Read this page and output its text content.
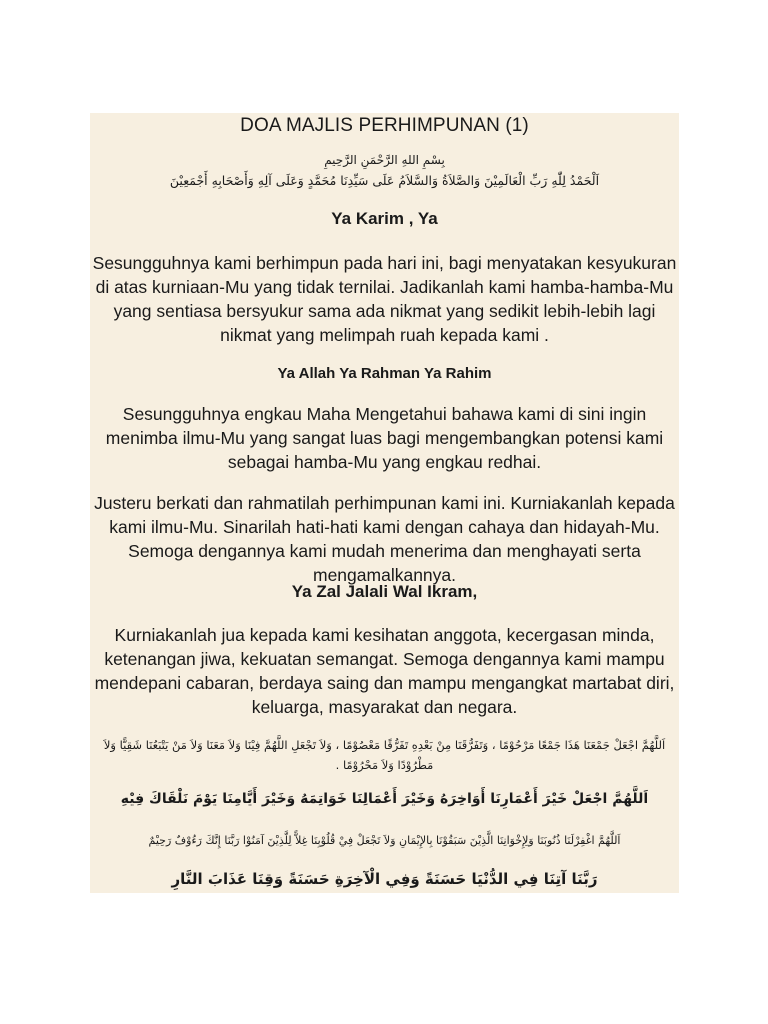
DOA MAJLIS PERHIMPUNAN (1)
بِسْمِ اللهِ الرَّحْمَنِ الرَّحِيمِ
اَلْحَمْدُ لِلّٰهِ رَبِّ الْعَالَمِيْنَ وَالصَّلاَةُ وَالسَّلاَمُ عَلَى سَيِّدِنَا مُحَمَّدٍ وَعَلَى آلِهِ وَأَصْحَابِهِ أَجْمَعِيْنَ
Ya Karim , Ya
Sesungguhnya kami berhimpun pada hari ini, bagi menyatakan kesyukuran di atas kurniaan-Mu yang tidak ternilai. Jadikanlah kami hamba-hamba-Mu yang sentiasa bersyukur sama ada nikmat yang sedikit lebih-lebih lagi nikmat yang melimpah ruah kepada kami .
Ya Allah Ya Rahman Ya Rahim
Sesungguhnya engkau Maha Mengetahui bahawa kami di sini ingin menimba ilmu-Mu yang sangat luas bagi mengembangkan potensi kami sebagai hamba-Mu yang engkau redhai.
Justeru berkati dan rahmatilah perhimpunan kami ini. Kurniakanlah kepada kami ilmu-Mu. Sinarilah hati-hati kami dengan cahaya dan hidayah-Mu. Semoga dengannya kami mudah menerima dan menghayati serta mengamalkannya.
Ya Zal Jalali Wal Ikram,
Kurniakanlah jua kepada kami kesihatan anggota, kecergasan minda, ketenangan jiwa, kekuatan semangat. Semoga dengannya kami mampu mendepani cabaran, berdaya saing dan mampu mengangkat martabat diri, keluarga, masyarakat dan negara.
اَللَّهُمَّ اجْعَلْ جَمْعَنَا هَذَا جَمْعًا مَرْحُوْمًا ، وَتَفَرُّقَنَا مِنْ بَعْدِهِ تَفَرُّقًا مَعْصُوْمًا ، وَلاَ تَجْعَلِ اللَّهُمَّ فِيْنَا وَلاَ مَعَنَا وَلاَ مَنْ يَتْبَعُنَا شَقِيًّا وَلاَ مَطْرُوْدًا وَلاَ مَحْرُوْمًا .
اَللَّهُمَّ اجْعَلْ خَيْرَ أَعْمَارِنَا أَوَاخِرَهُ وَخَيْرَ أَعْمَالِنَا خَوَاتِمَهُ وَخَيْرَ أَيَّامِنَا يَوْمَ نَلْقَاكَ فِيْهِ
اَللَّهُمَّ اغْفِرْلَنَا ذُنُوبَنَا وَلِإِخْوَانِنَا الَّذِيْنَ سَبَقُوْنَا بِالإِيْمَانِ وَلاَ تَجْعَلْ فِيْ قُلُوْبِنَا غِلاًّ لِلَّذِيْنَ آمَنُوْا رَبَّنَا إِنَّكَ رَءُوْفٌ رَحِيْمٌ
رَبَّنَا آتِنَا فِي الدُّنْيَا حَسَنَةً وَفِي الْآخِرَةِ حَسَنَةً وَقِنَا عَذَابَ النَّارِ
